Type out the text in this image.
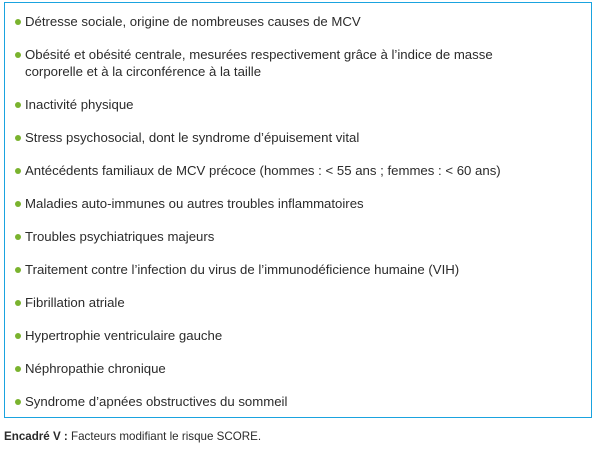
Détresse sociale, origine de nombreuses causes de MCV
Obésité et obésité centrale, mesurées respectivement grâce à l’indice de masse
corporelle et à la circonférence à la taille
Inactivité physique
Stress psychosocial, dont le syndrome d’épuisement vital
Antécédents familiaux de MCV précoce (hommes : < 55 ans ; femmes : < 60 ans)
Maladies auto-immunes ou autres troubles inflammatoires
Troubles psychiatriques majeurs
Traitement contre l’infection du virus de l’immunodéficience humaine (VIH)
Fibrillation atriale
Hypertrophie ventriculaire gauche
Néphropathie chronique
Syndrome d’apnées obstructives du sommeil
Encadré V : Facteurs modifiant le risque SCORE.
